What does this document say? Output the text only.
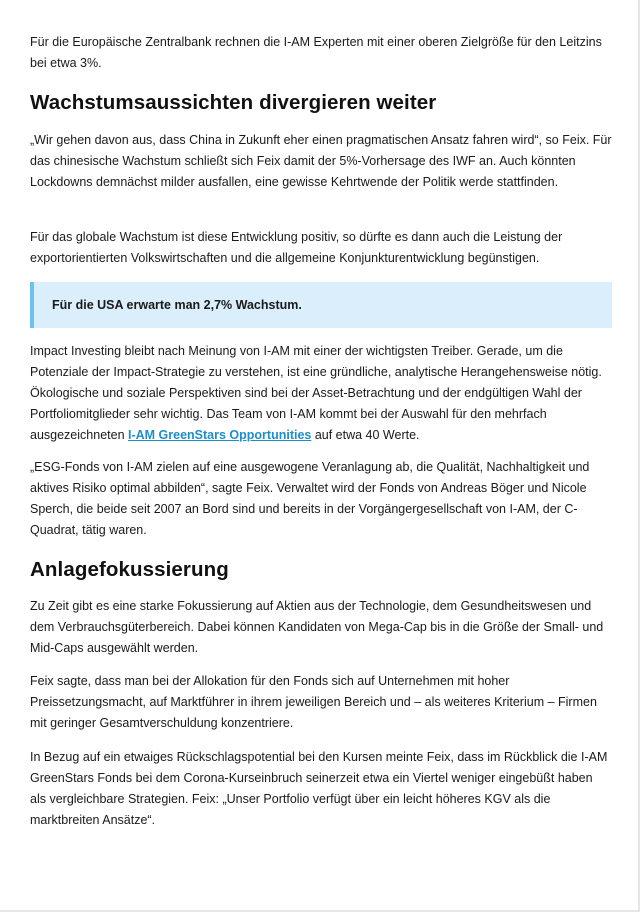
Für die Europäische Zentralbank rechnen die I-AM Experten mit einer oberen Zielgröße für den Leitzins bei etwa 3%.

Wachstumsaussichten divergieren weiter

„Wir gehen davon aus, dass China in Zukunft eher einen pragmatischen Ansatz fahren wird“, so Feix. Für das chinesische Wachstum schließt sich Feix damit der 5%-Vorhersage des IWF an. Auch könnten Lockdowns demnächst milder ausfallen, eine gewisse Kehrtwende der Politik werde stattfinden.

Für das globale Wachstum ist diese Entwicklung positiv, so dürfte es dann auch die Leistung der exportorientierten Volkswirtschaften und die allgemeine Konjunkturentwicklung begünstigen.

Für die USA erwarte man 2,7% Wachstum.

Impact Investing bleibt nach Meinung von I-AM mit einer der wichtigsten Treiber. Gerade, um die Potenziale der Impact-Strategie zu verstehen, ist eine gründliche, analytische Herangehensweise nötig. Ökologische und soziale Perspektiven sind bei der Asset-Betrachtung und der endgültigen Wahl der Portfoliomitglieder sehr wichtig. Das Team von I-AM kommt bei der Auswahl für den mehrfach ausgezeichneten I-AM GreenStars Opportunities auf etwa 40 Werte.

„ESG-Fonds von I-AM zielen auf eine ausgewogene Veranlagung ab, die Qualität, Nachhaltigkeit und aktives Risiko optimal abbilden“, sagte Feix. Verwaltet wird der Fonds von Andreas Böger und Nicole Sperch, die beide seit 2007 an Bord sind und bereits in der Vorgängergesellschaft von I-AM, der C-Quadrat, tätig waren.

Anlagefokussierung

Zu Zeit gibt es eine starke Fokussierung auf Aktien aus der Technologie, dem Gesundheitswesen und dem Verbrauchsgüterbereich. Dabei können Kandidaten von Mega-Cap bis in die Größe der Small- und Mid-Caps ausgewählt werden.

Feix sagte, dass man bei der Allokation für den Fonds sich auf Unternehmen mit hoher Preissetzungsmacht, auf Marktführer in ihrem jeweiligen Bereich und – als weiteres Kriterium – Firmen mit geringer Gesamtverschuldung konzentriere.

In Bezug auf ein etwaiges Rückschlagspotential bei den Kursen meinte Feix, dass im Rückblick die I-AM GreenStars Fonds bei dem Corona-Kurseinbruch seinerzeit etwa ein Viertel weniger eingebüßt haben als vergleichbare Strategien. Feix: „Unser Portfolio verfügt über ein leicht höheres KGV als die marktbreiten Ansätze“.
